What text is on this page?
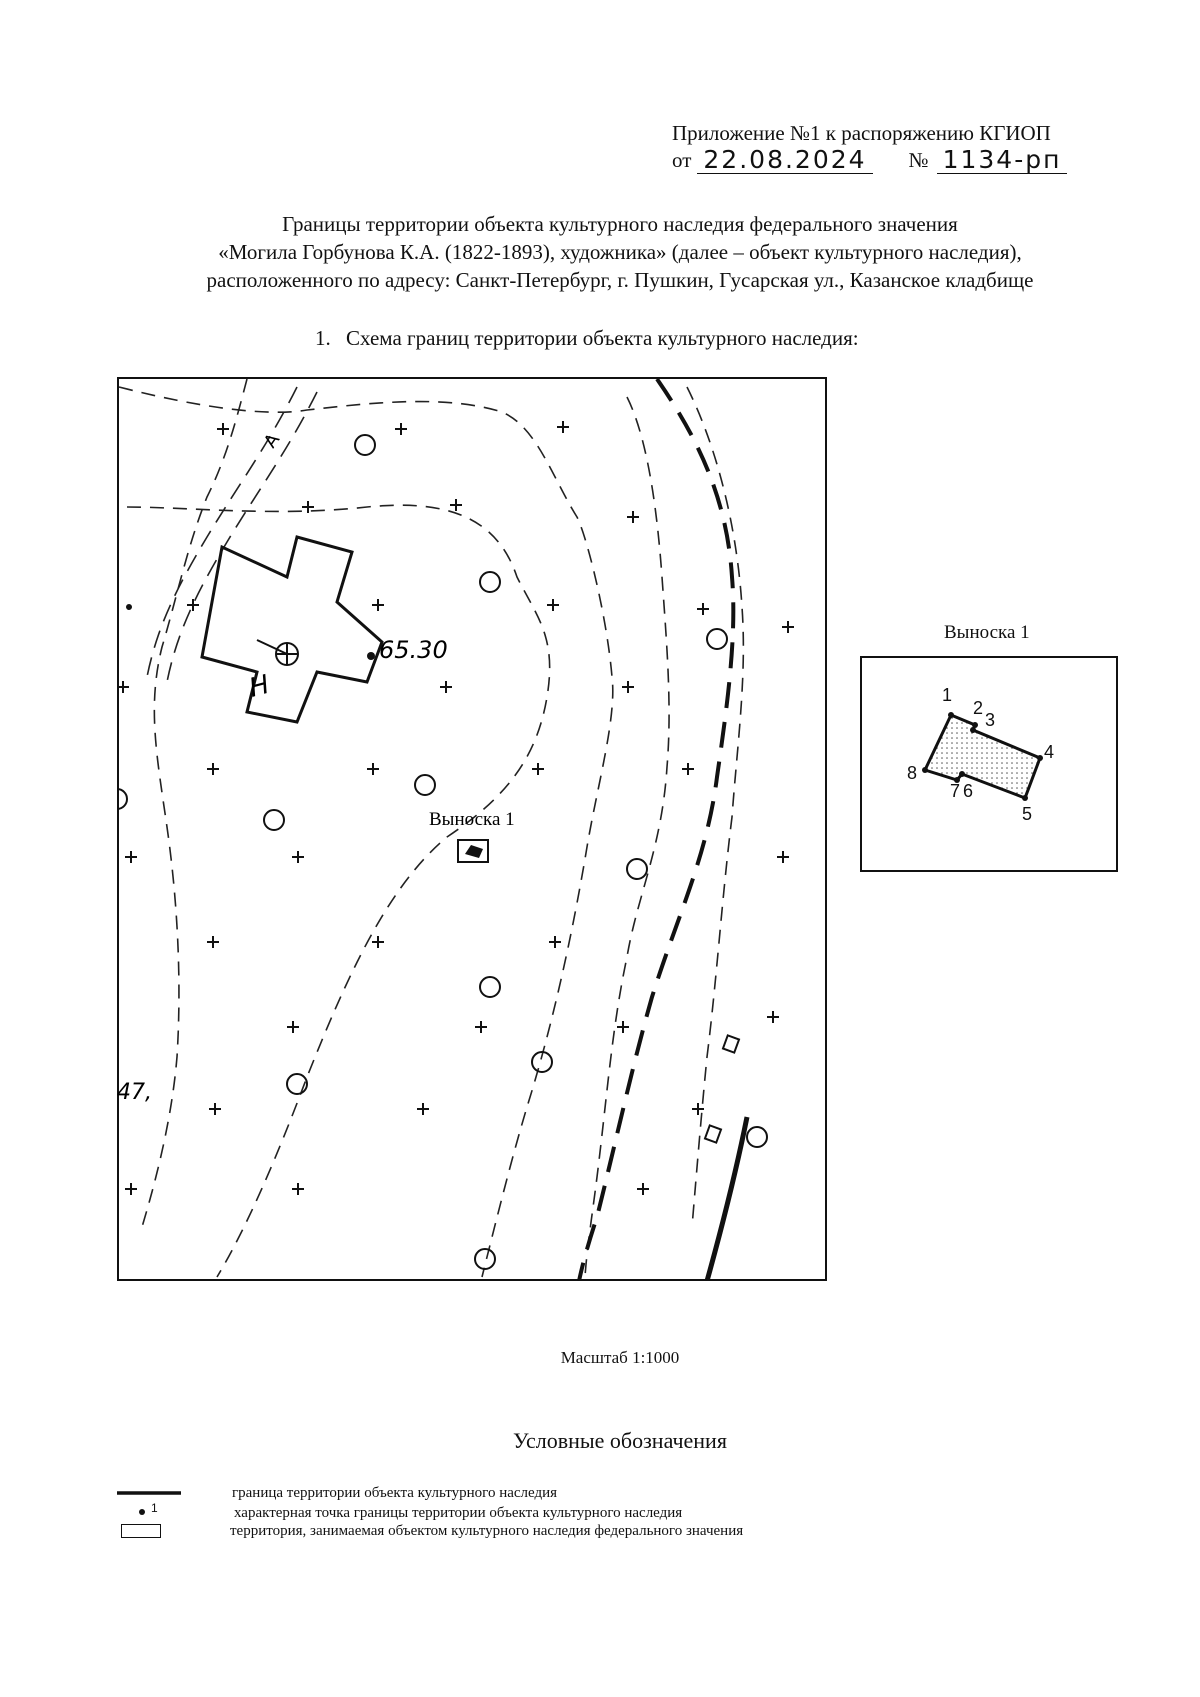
Приложение №1 к распоряжению КГИОП
от 22.08.2024 № 1134-рп
Границы территории объекта культурного наследия федерального значения
«Могила Горбунова К.А. (1822-1893), художника» (далее – объект культурного наследия),
расположенного по адресу: Санкт-Петербург, г. Пушкин, Гусарская ул., Казанское кладбище
1. Схема границ территории объекта культурного наследия:
65.30
47,
Н
А
Выноска 1
Выноска 1
1
2
3
4
5
6
7
8
Масштаб 1:1000
Условные обозначения
граница территории объекта культурного наследия
1	характерная точка границы территории объекта культурного наследия
территория, занимаемая объектом культурного наследия федерального значения
